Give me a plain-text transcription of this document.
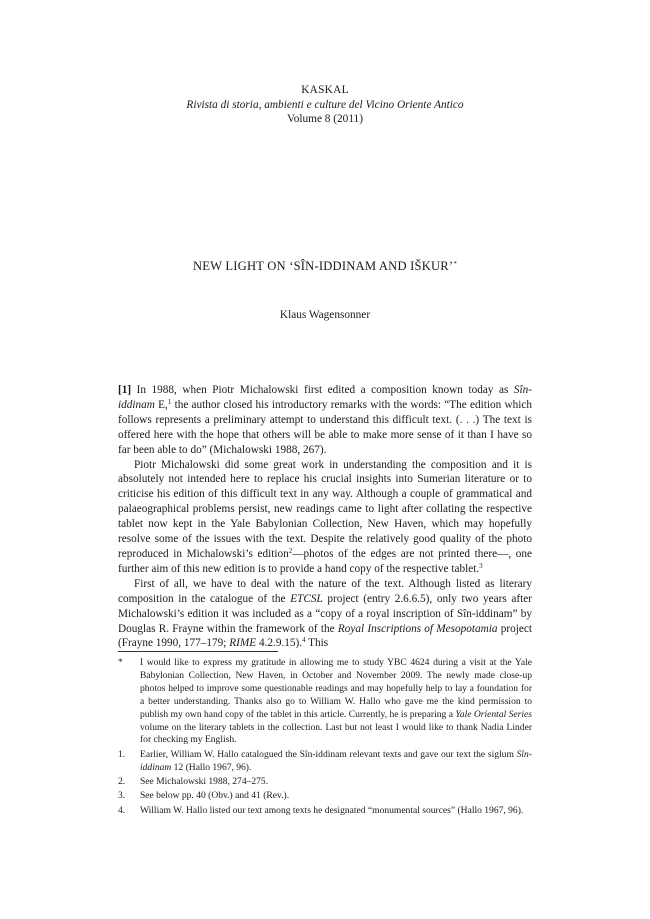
KASKAL
Rivista di storia, ambienti e culture del Vicino Oriente Antico
Volume 8 (2011)
NEW LIGHT ON ‘SÎN-IDDINAM AND IŠKUR’*
Klaus Wagensonner

[1] In 1988, when Piotr Michalowski first edited a composition known today as Sîn-iddinam E,$^1$ the author closed his introductory remarks with the words: “The edition which follows represents a preliminary attempt to understand this difficult text. (. . .) The text is offered here with the hope that others will be able to make more sense of it than I have so far been able to do” (Michalowski 1988, 267).

Piotr Michalowski did some great work in understanding the composition and it is absolutely not intended here to replace his crucial insights into Sumerian literature or to criticise his edition of this difficult text in any way. Although a couple of grammatical and palaeographical problems persist, new readings came to light after collating the respective tablet now kept in the Yale Babylonian Collection, New Haven, which may hopefully resolve some of the issues with the text. Despite the relatively good quality of the photo reproduced in Michalowski’s edition$^2$—photos of the edges are not printed there—, one further aim of this new edition is to provide a hand copy of the respective tablet.$^3$

First of all, we have to deal with the nature of the text. Although listed as literary composition in the catalogue of the ETCSL project (entry 2.6.6.5), only two years after Michalowski’s edition it was included as a “copy of a royal inscription of Sîn-iddinam” by Douglas R. Frayne within the framework of the Royal Inscriptions of Mesopotamia project (Frayne 1990, 177–179; RIME 4.2.9.15).$^4$ This

* I would like to express my gratitude in allowing me to study YBC 4624 during a visit at the Yale Babylonian Collection, New Haven, in October and November 2009. The newly made close-up photos helped to improve some questionable readings and may hopefully help to lay a foundation for a better understanding. Thanks also go to William W. Hallo who gave me the kind permission to publish my own hand copy of the tablet in this article. Currently, he is preparing a Yale Oriental Series volume on the literary tablets in the collection. Last but not least I would like to thank Nadia Linder for checking my English.
1. Earlier, William W. Hallo catalogued the Sîn-iddinam relevant texts and gave our text the siglum Sîn-iddinam 12 (Hallo 1967, 96).
2. See Michalowski 1988, 274–275.
3. See below pp. 40 (Obv.) and 41 (Rev.).
4. William W. Hallo listed our text among texts he designated “monumental sources” (Hallo 1967, 96).
